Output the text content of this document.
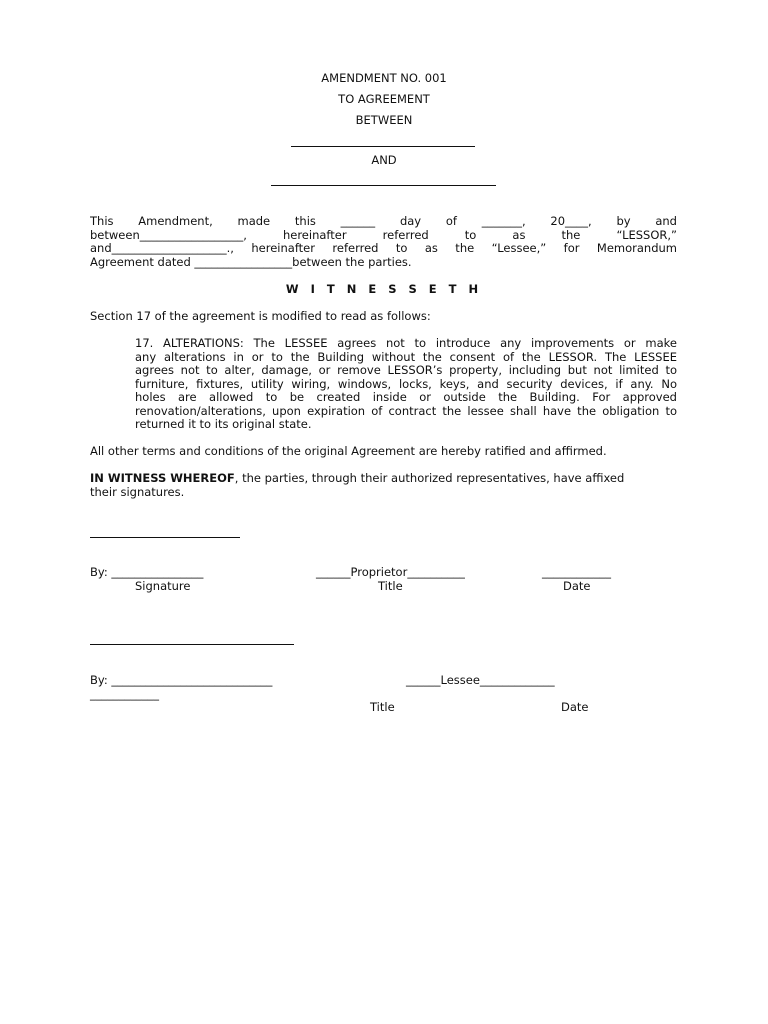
AMENDMENT NO. 001
TO AGREEMENT
BETWEEN
AND
This Amendment, made this ______ day of _______, 20____, by and
between__________________, hereinafter referred to as the “LESSOR,”
and____________________., hereinafter referred to as the “Lessee,” for Memorandum
Agreement dated _________________between the parties.
W I T N E S S E T H
Section 17 of the agreement is modified to read as follows:
17. ALTERATIONS: The LESSEE agrees not to introduce any improvements or make
any alterations in or to the Building without the consent of the LESSOR. The LESSEE
agrees not to alter, damage, or remove LESSOR’s property, including but not limited to
furniture, fixtures, utility wiring, windows, locks, keys, and security devices, if any. No
holes are allowed to be created inside or outside the Building. For approved
renovation/alterations, upon expiration of contract the lessee shall have the obligation to
returned it to its original state.
All other terms and conditions of the original Agreement are hereby ratified and affirmed.
IN WITNESS WHEREOF, the parties, through their authorized representatives, have affixed
their signatures.
By: ________________	______Proprietor__________	____________
Signature	Title	Date
By: ____________________________	______Lessee_____________
____________
Title	Date
